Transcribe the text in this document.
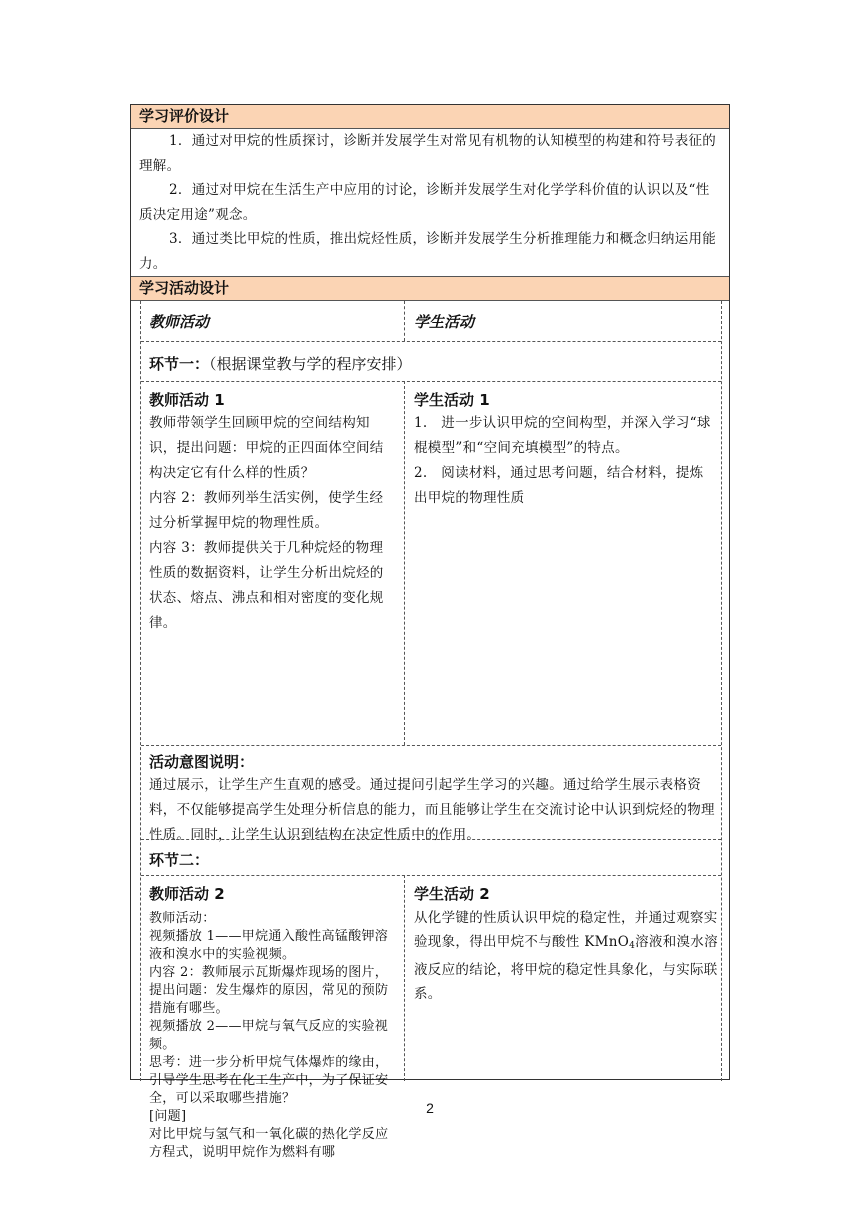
学习评价设计

1．通过对甲烷的性质探讨，诊断并发展学生对常见有机物的认知模型的构建和符号表征的理解。

2．通过对甲烷在生活生产中应用的讨论，诊断并发展学生对化学学科价值的认识以及“性质决定用途”观念。

3．通过类比甲烷的性质，推出烷烃性质，诊断并发展学生分析推理能力和概念归纳运用能力。

学习活动设计
教师活动	学生活动
环节一：（根据课堂教与学的程序安排）
教师活动 1

教师带领学生回顾甲烷的空间结构知识，提出问题：甲烷的正四面体空间结构决定它有什么样的性质？

内容 2：教师列举生活实例，使学生经过分析掌握甲烷的物理性质。

内容 3：教师提供关于几种烷烃的物理性质的数据资料，让学生分析出烷烃的状态、熔点、沸点和相对密度的变化规律。

学生活动 1

1.　进一步认识甲烷的空间构型，并深入学习“球棍模型”和“空间充填模型”的特点。

2.　阅读材料，通过思考问题，结合材料，提炼出甲烷的物理性质

活动意图说明：
通过展示，让学生产生直观的感受。通过提问引起学生学习的兴趣。通过给学生展示表格资料，不仅能够提高学生处理分析信息的能力，而且能够让学生在交流讨论中认识到烷烃的物理性质。同时，让学生认识到结构在决定性质中的作用。
环节二：
教师活动 2

教师活动：

视频播放 1——甲烷通入酸性高锰酸钾溶液和溴水中的实验视频。

内容 2：教师展示瓦斯爆炸现场的图片，提出问题：发生爆炸的原因，常见的预防措施有哪些。

视频播放 2——甲烷与氧气反应的实验视频。

思考：进一步分析甲烷气体爆炸的缘由，引导学生思考在化工生产中，为了保证安全，可以采取哪些措施？

[问题]

对比甲烷与氢气和一氧化碳的热化学反应方程式，说明甲烷作为燃料有哪

学生活动 2
从化学键的性质认识甲烷的稳定性，并通过观察实验现象，得出甲烷不与酸性 KMnO$_4$溶液和溴水溶液反应的结论，将甲烷的稳定性具象化，与实际联系。
2
